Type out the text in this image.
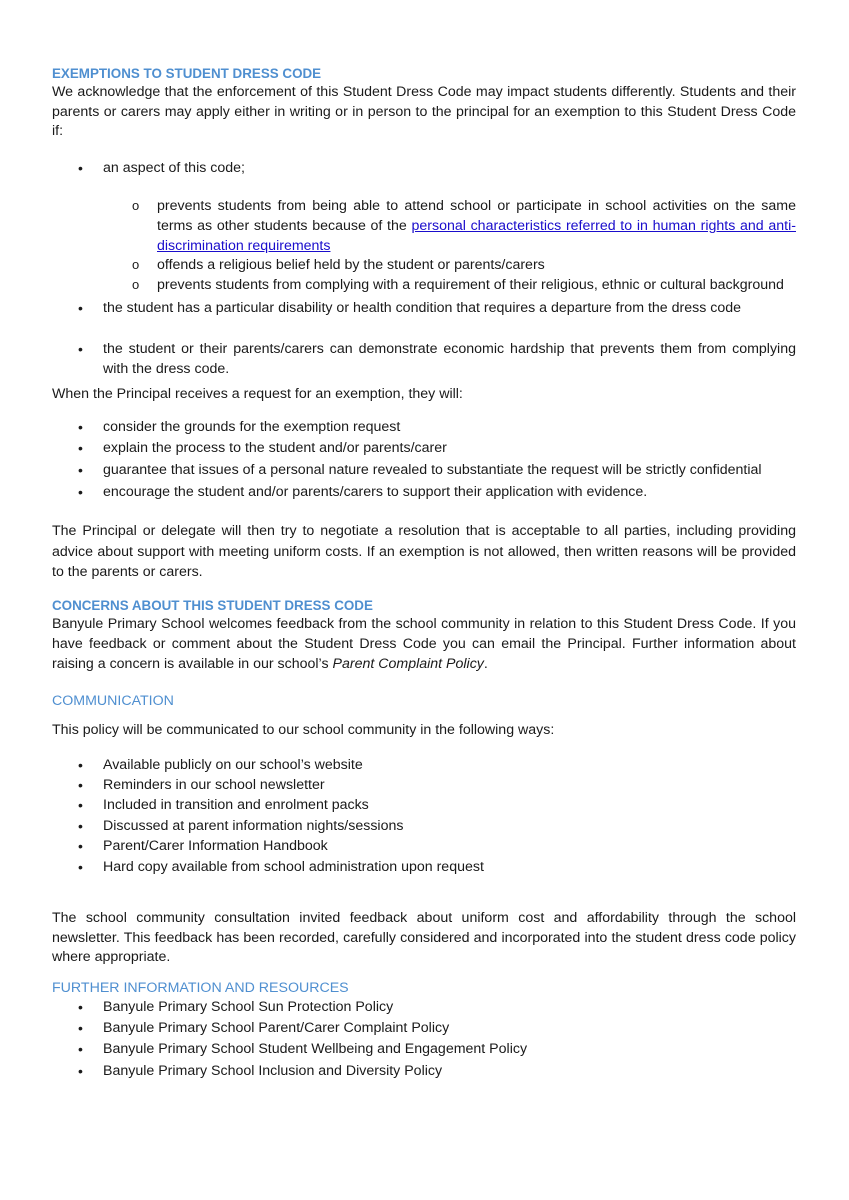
EXEMPTIONS TO STUDENT DRESS CODE

We acknowledge that the enforcement of this Student Dress Code may impact students differently. Students and their parents or carers may apply either in writing or in person to the principal for an exemption to this Student Dress Code if:

• an aspect of this code;
o prevents students from being able to attend school or participate in school activities on the same terms as other students because of the personal characteristics referred to in human rights and anti-discrimination requirements
o offends a religious belief held by the student or parents/carers
o prevents students from complying with a requirement of their religious, ethnic or cultural background
• the student has a particular disability or health condition that requires a departure from the dress code
• the student or their parents/carers can demonstrate economic hardship that prevents them from complying with the dress code.

When the Principal receives a request for an exemption, they will:

• consider the grounds for the exemption request
• explain the process to the student and/or parents/carer
• guarantee that issues of a personal nature revealed to substantiate the request will be strictly confidential
• encourage the student and/or parents/carers to support their application with evidence.

The Principal or delegate will then try to negotiate a resolution that is acceptable to all parties, including providing advice about support with meeting uniform costs. If an exemption is not allowed, then written reasons will be provided to the parents or carers.

CONCERNS ABOUT THIS STUDENT DRESS CODE

Banyule Primary School welcomes feedback from the school community in relation to this Student Dress Code. If you have feedback or comment about the Student Dress Code you can email the Principal. Further information about raising a concern is available in our school’s Parent Complaint Policy.

COMMUNICATION

This policy will be communicated to our school community in the following ways:

• Available publicly on our school’s website
• Reminders in our school newsletter
• Included in transition and enrolment packs
• Discussed at parent information nights/sessions
• Parent/Carer Information Handbook
• Hard copy available from school administration upon request

The school community consultation invited feedback about uniform cost and affordability through the school newsletter. This feedback has been recorded, carefully considered and incorporated into the student dress code policy where appropriate.

FURTHER INFORMATION AND RESOURCES
• Banyule Primary School Sun Protection Policy
• Banyule Primary School Parent/Carer Complaint Policy
• Banyule Primary School Student Wellbeing and Engagement Policy
• Banyule Primary School Inclusion and Diversity Policy
